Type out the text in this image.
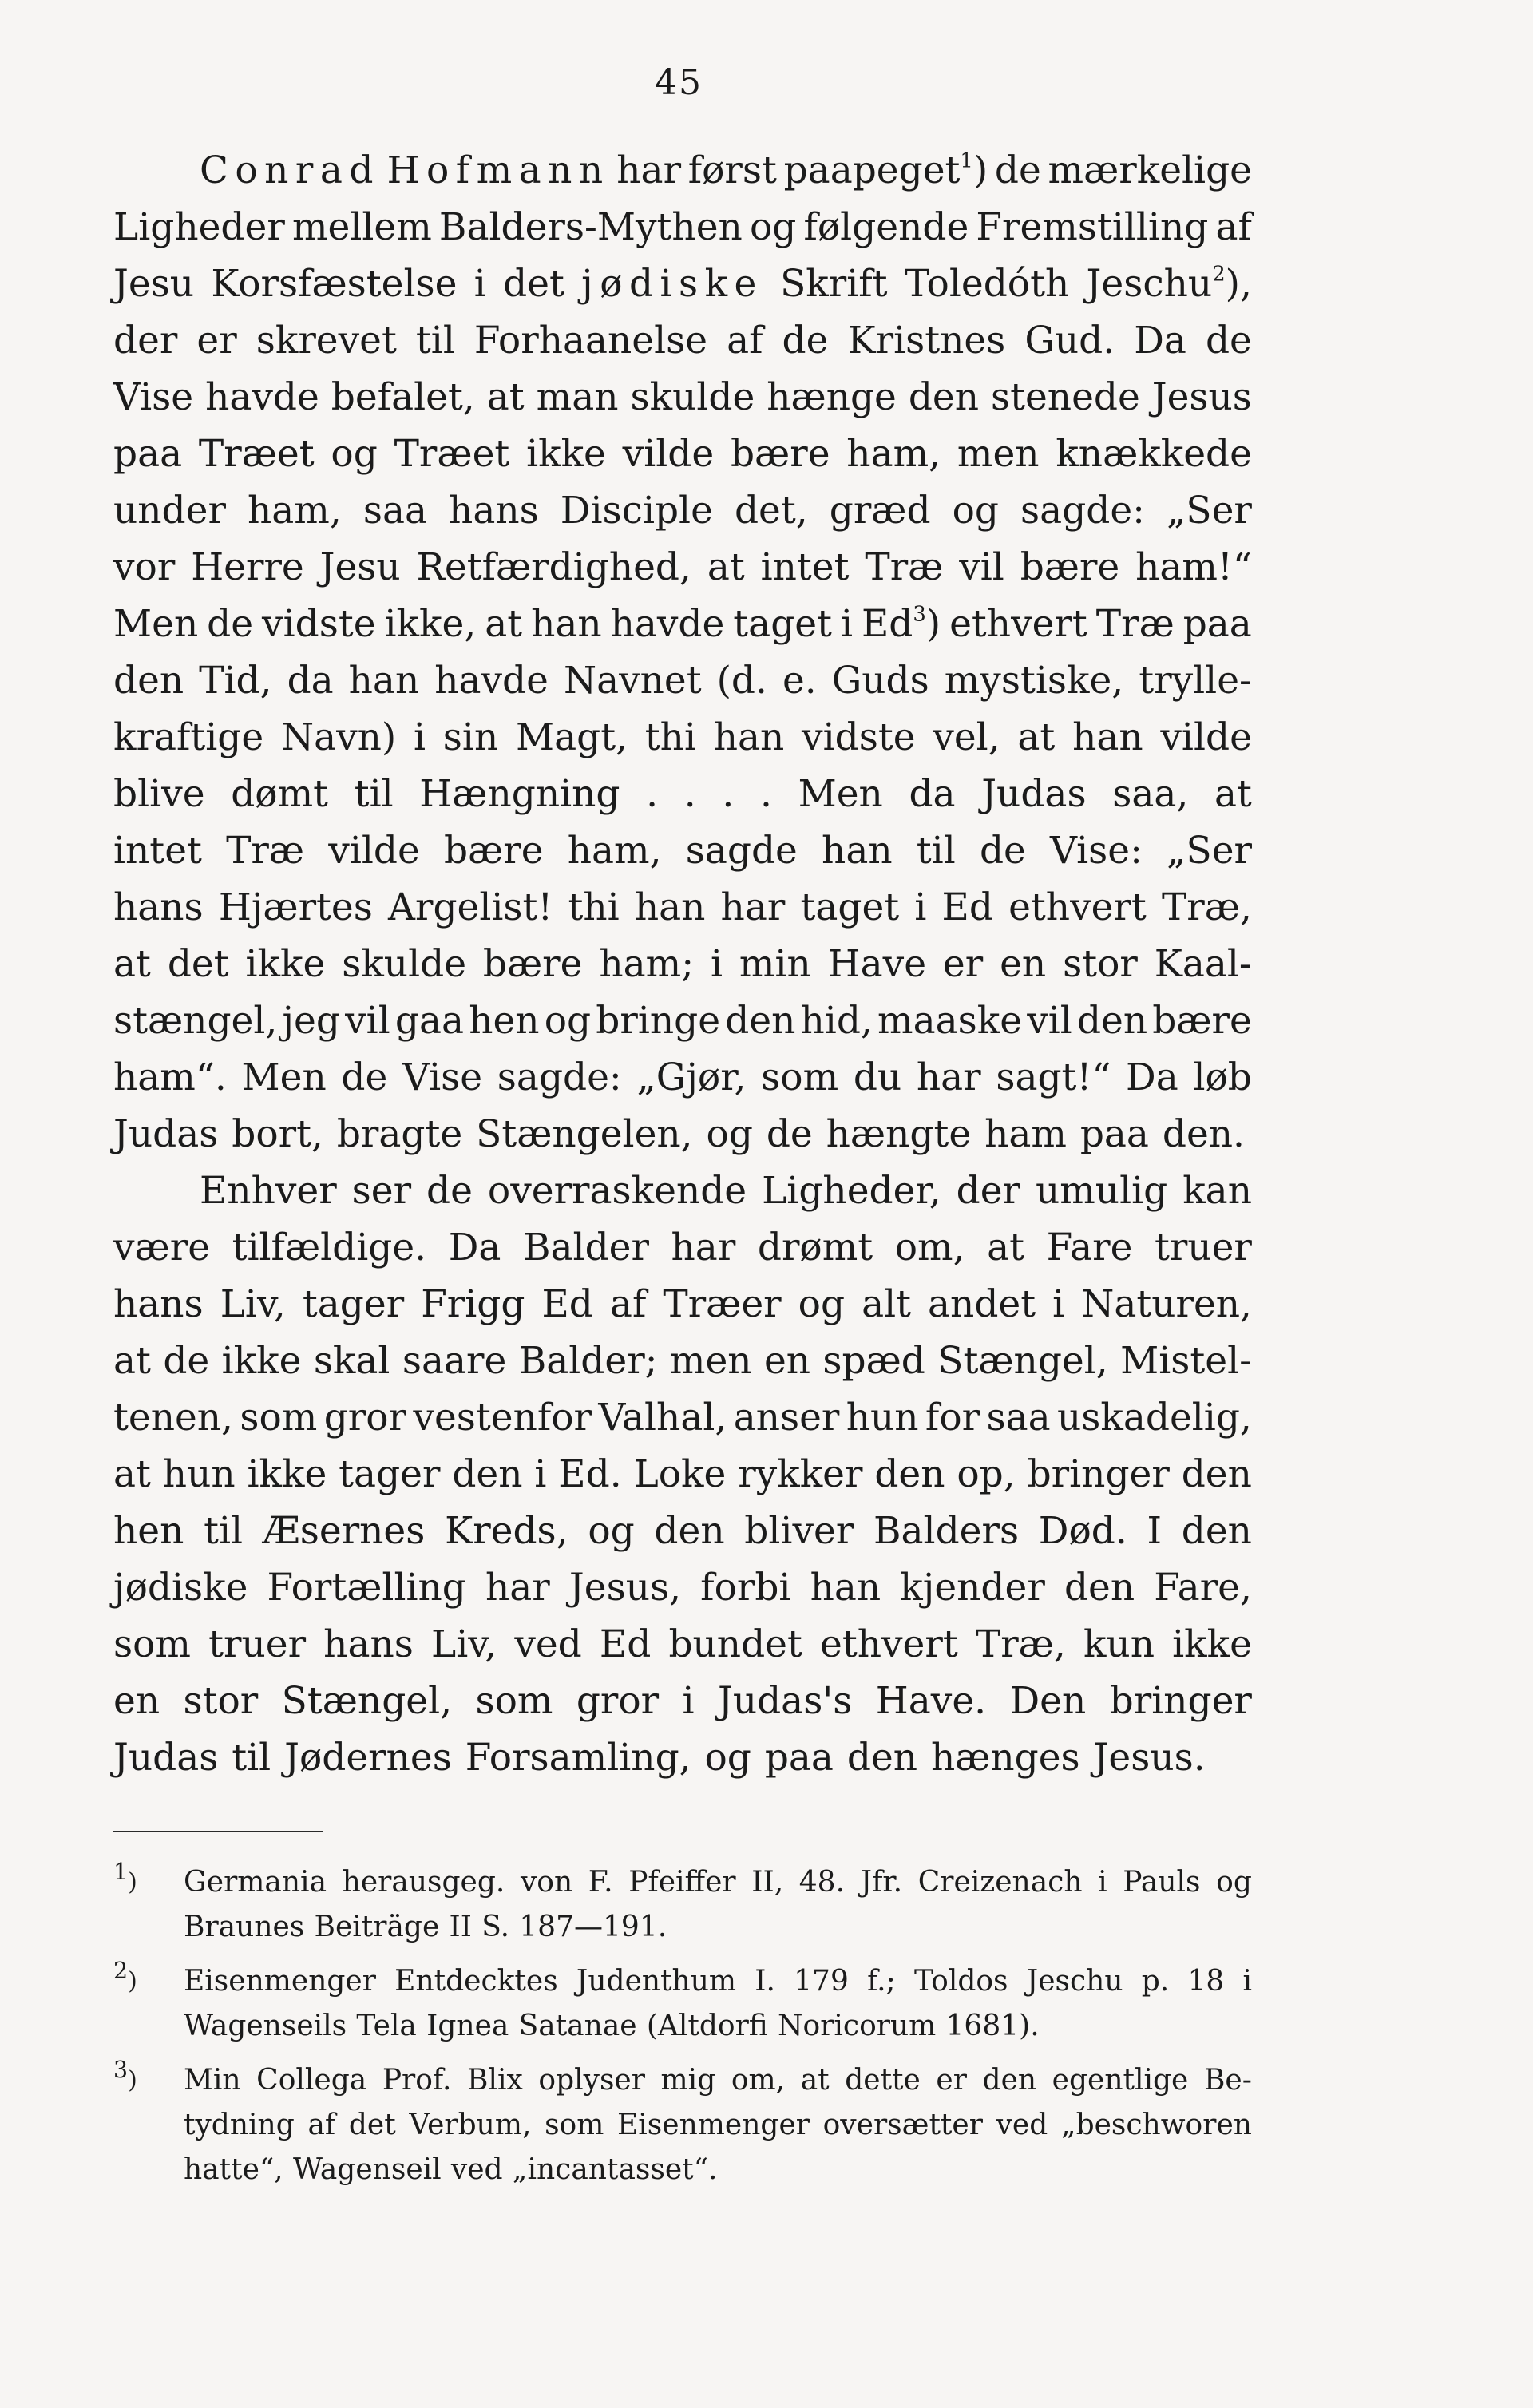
45
Conrad Hofmann har først paapeget$^1$) de mærkelige
Ligheder mellem Balders-Mythen og følgende Fremstilling af
Jesu Korsfæstelse i det jødiske Skrift Toledóth Jeschu$^2$),
der er skrevet til Forhaanelse af de Kristnes Gud. Da de
Vise havde befalet, at man skulde hænge den stenede Jesus
paa Træet og Træet ikke vilde bære ham, men knækkede
under ham, saa hans Disciple det, græd og sagde: „Ser
vor Herre Jesu Retfærdighed, at intet Træ vil bære ham!“
Men de vidste ikke, at han havde taget i Ed$^3$) ethvert Træ paa
den Tid, da han havde Navnet (d. e. Guds mystiske, trylle-
kraftige Navn) i sin Magt, thi han vidste vel, at han vilde
blive dømt til Hængning . . . . Men da Judas saa, at
intet Træ vilde bære ham, sagde han til de Vise: „Ser
hans Hjærtes Argelist! thi han har taget i Ed ethvert Træ,
at det ikke skulde bære ham; i min Have er en stor Kaal-
stængel, jeg vil gaa hen og bringe den hid, maaske vil den bære
ham“. Men de Vise sagde: „Gjør, som du har sagt!“ Da løb
Judas bort, bragte Stængelen, og de hængte ham paa den.
Enhver ser de overraskende Ligheder, der umulig kan
være tilfældige. Da Balder har drømt om, at Fare truer
hans Liv, tager Frigg Ed af Træer og alt andet i Naturen,
at de ikke skal saare Balder; men en spæd Stængel, Mistel-
tenen, som gror vestenfor Valhal, anser hun for saa uskadelig,
at hun ikke tager den i Ed. Loke rykker den op, bringer den
hen til Æsernes Kreds, og den bliver Balders Død. I den
jødiske Fortælling har Jesus, forbi han kjender den Fare,
som truer hans Liv, ved Ed bundet ethvert Træ, kun ikke
en stor Stængel, som gror i Judas's Have. Den bringer
Judas til Jødernes Forsamling, og paa den hænges Jesus.
$^1$)	Germania herausgeg. von F. Pfeiffer II, 48. Jfr. Creizenach i Pauls og
Braunes Beiträge II S. 187—191.
$^2$)	Eisenmenger Entdecktes Judenthum I. 179 f.; Toldos Jeschu p. 18 i
Wagenseils Tela Ignea Satanae (Altdorfi Noricorum 1681).
$^3$)	Min Collega Prof. Blix oplyser mig om, at dette er den egentlige Be-
tydning af det Verbum, som Eisenmenger oversætter ved „beschworen
hatte“, Wagenseil ved „incantasset“.
